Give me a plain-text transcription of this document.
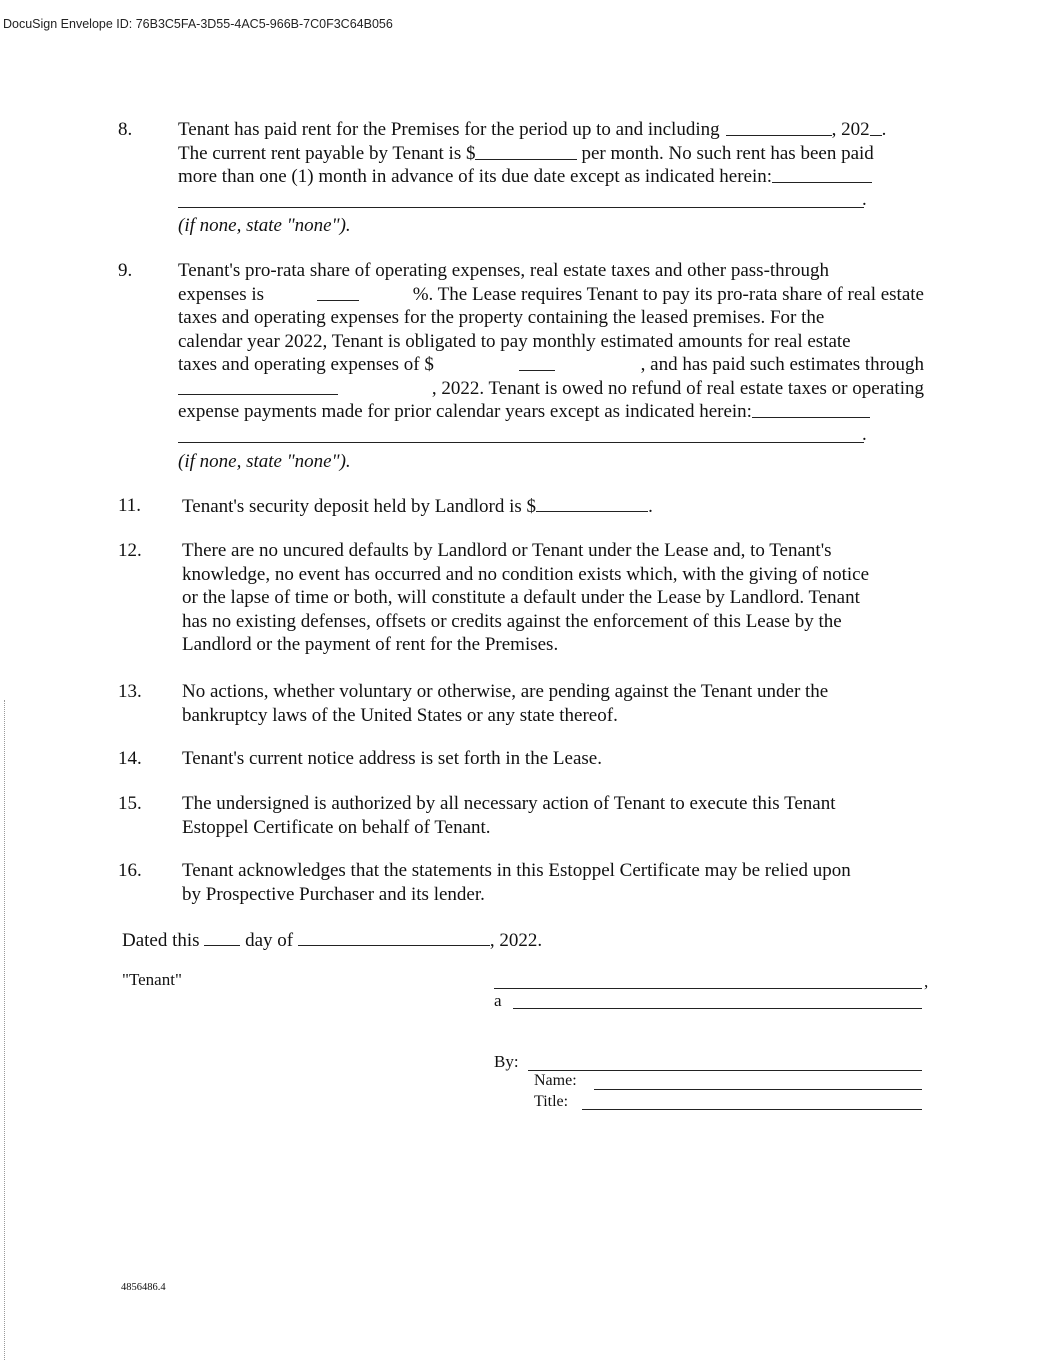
DocuSign Envelope ID: 76B3C5FA-3D55-4AC5-966B-7C0F3C64B056
8. Tenant has paid rent for the Premises for the period up to and including	, 202 .
The current rent payable by Tenant is $	per month. No such rent has been paid
more than one (1) month in advance of its due date except as indicated herein:
.
(if none, state "none").
9. Tenant's pro-rata share of operating expenses, real estate taxes and other pass-through
expenses is	%. The Lease requires Tenant to pay its pro-rata share of real estate
taxes and operating expenses for the property containing the leased premises. For the
calendar year 2022, Tenant is obligated to pay monthly estimated amounts for real estate
taxes and operating expenses of $	, and has paid such estimates through
, 2022. Tenant is owed no refund of real estate taxes or operating
expense payments made for prior calendar years except as indicated herein:
.
(if none, state "none").
11. Tenant's security deposit held by Landlord is $	.
12. There are no uncured defaults by Landlord or Tenant under the Lease and, to Tenant's
knowledge, no event has occurred and no condition exists which, with the giving of notice
or the lapse of time or both, will constitute a default under the Lease by Landlord. Tenant
has no existing defenses, offsets or credits against the enforcement of this Lease by the
Landlord or the payment of rent for the Premises.
13. No actions, whether voluntary or otherwise, are pending against the Tenant under the
bankruptcy laws of the United States or any state thereof.
14. Tenant's current notice address is set forth in the Lease.
15. The undersigned is authorized by all necessary action of Tenant to execute this Tenant
Estoppel Certificate on behalf of Tenant.
16. Tenant acknowledges that the statements in this Estoppel Certificate may be relied upon
by Prospective Purchaser and its lender.
Dated this day of	, 2022.
"Tenant"	,
a
By:
Name:
Title:
4856486.4
